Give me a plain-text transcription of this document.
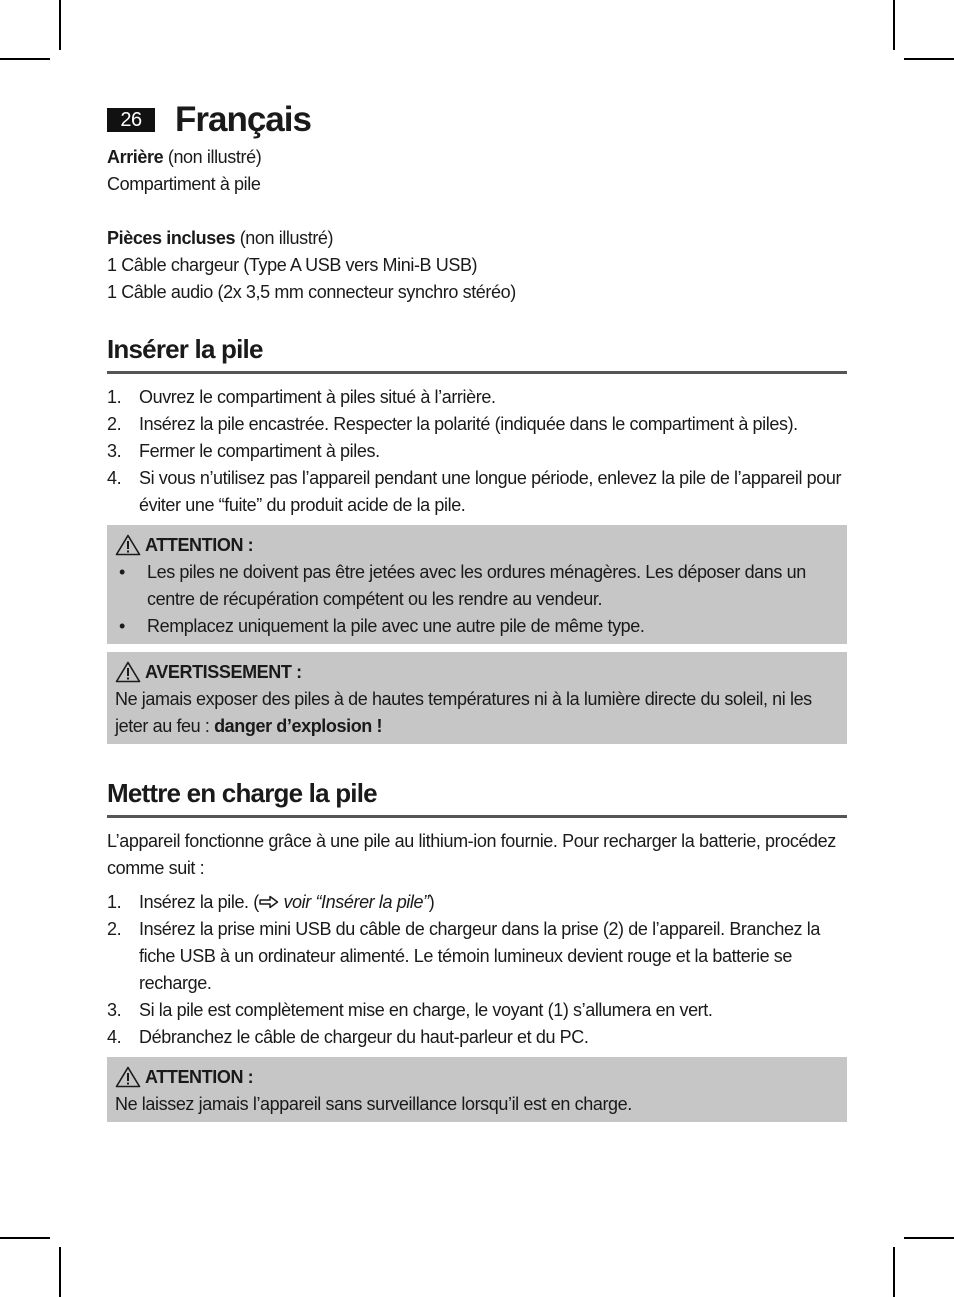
26 Français

Arrière (non illustré)

Compartiment à pile

Pièces incluses (non illustré)

1 Câble chargeur (Type A USB vers Mini-B USB)

1 Câble audio (2x 3,5 mm connecteur synchro stéréo)

Insérer la pile
1. Ouvrez le compartiment à piles situé à l’arrière.
2. Insérez la pile encastrée. Respecter la polarité (indiquée dans le compartiment à piles).
3. Fermer le compartiment à piles.
4. Si vous n’utilisez pas l’appareil pendant une longue période, enlevez la pile de l’appareil pour éviter une “fuite” du produit acide de la pile.
ATTENTION :
• Les piles ne doivent pas être jetées avec les ordures ménagères. Les déposer dans un centre de récupération compétent ou les rendre au vendeur.
• Remplacez uniquement la pile avec une autre pile de même type.
AVERTISSEMENT :

Ne jamais exposer des piles à de hautes températures ni à la lumière directe du soleil, ni les jeter au feu : danger d’explosion !

Mettre en charge la pile

L’appareil fonctionne grâce à une pile au lithium-ion fournie. Pour recharger la batterie, procédez comme suit :

1. Insérez la pile. ( voir “Insérer la pile”)
2. Insérez la prise mini USB du câble de chargeur dans la prise (2) de l’appareil. Branchez la fiche USB à un ordinateur alimenté. Le témoin lumineux devient rouge et la batterie se recharge.
3. Si la pile est complètement mise en charge, le voyant (1) s’allumera en vert.
4. Débranchez le câble de chargeur du haut-parleur et du PC.
ATTENTION :

Ne laissez jamais l’appareil sans surveillance lorsqu’il est en charge.
